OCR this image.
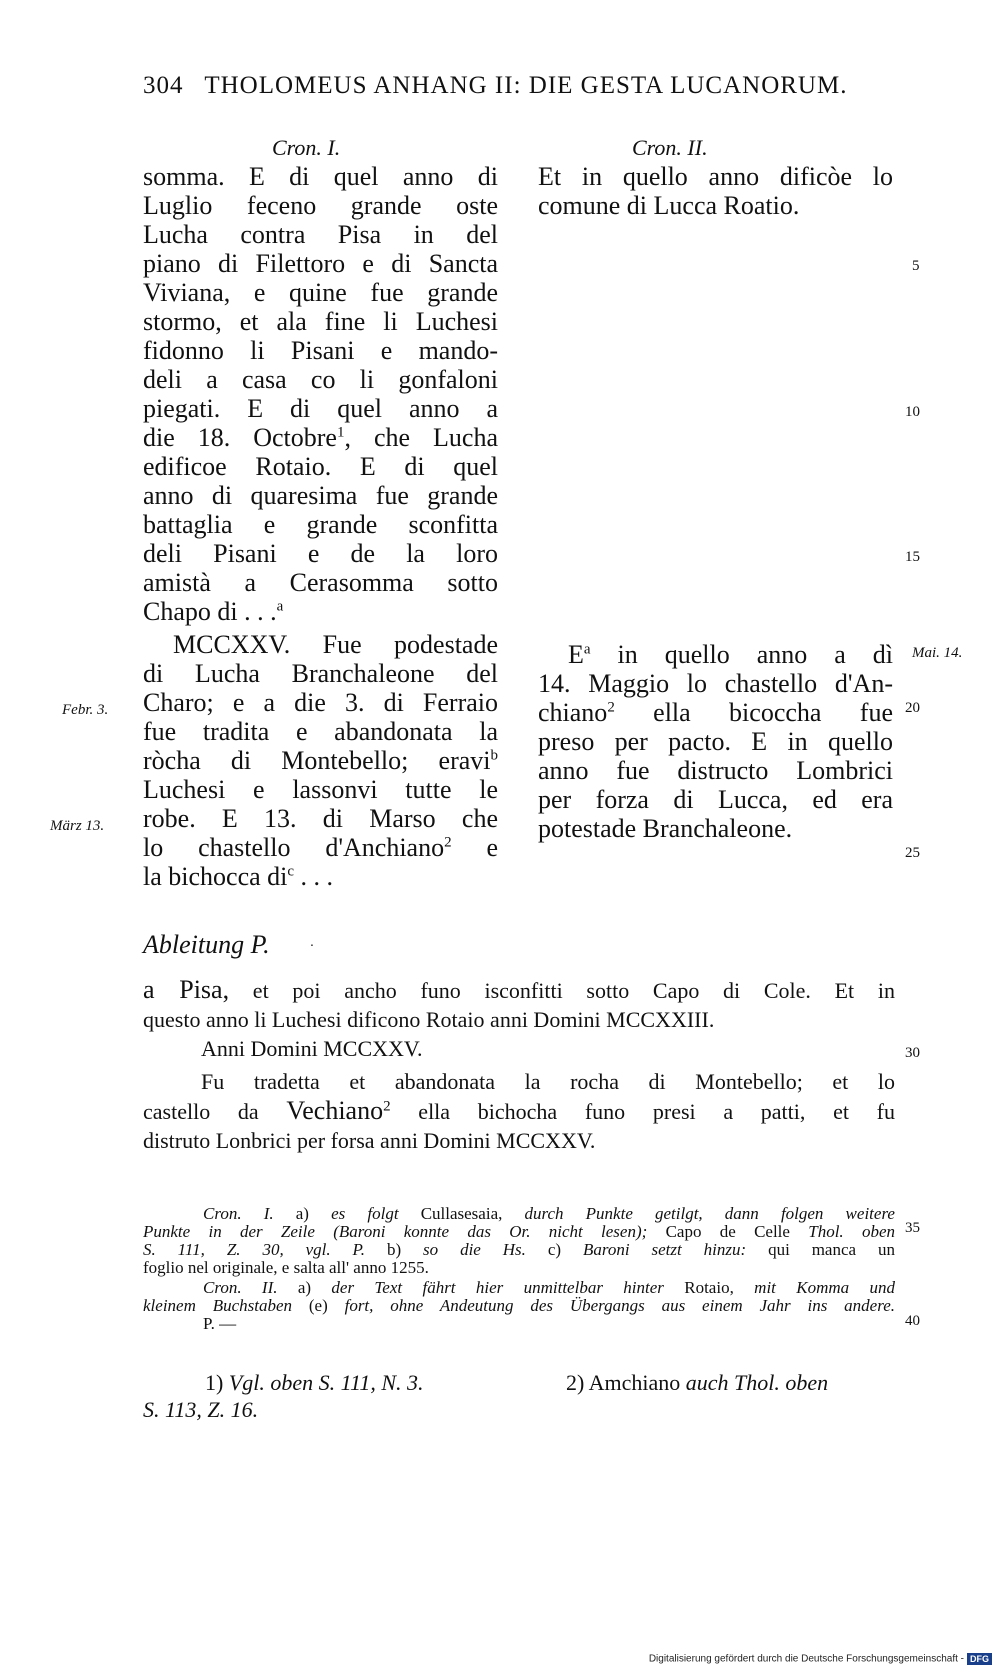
304 THOLOMEUS ANHANG II: DIE GESTA LUCANORUM.
Cron. I.	Cron. II.
somma. E di quel anno di
Luglio feceno grande oste
Lucha contra Pisa in del
piano di Filettoro e di Sancta
Viviana, e quine fue grande
stormo, et ala fine li Luchesi
fidonno li Pisani e mando-
deli a casa co li gonfaloni
piegati. E di quel anno a
die 18. Octobre$^1$, che Lucha
edificoe Rotaio. E di quel
anno di quaresima fue grande
battaglia e grande sconfitta
deli Pisani e de la loro
amistà a Cerasomma sotto
Chapo di . . .$^a$
MCCXXV. Fue podestade
di Lucha Branchaleone del
Charo; e a die 3. di Ferraio
fue tradita e abandonata la
ròcha di Montebello; eravi$^b$
Luchesi e lassonvi tutte le
robe. E 13. di Marso che
lo chastello d'Anchiano$^2$ e
la bichocca $di^c$ . . .
Et in quello anno dificòe lo
comune di Lucca Roatio.
$E^a$ in quello anno a dì
14. Maggio lo chastello d'An-
chiano$^2$ ella bicoccha fue
preso per pacto. E in quello
anno fue distructo Lombrici
per forza di Lucca, ed era
potestade Branchaleone.
5
10
15
20
25
30
35
40
Mai. 14.
Febr. 3.
März 13.
Ableitung P.	·
a Pisa, et poi ancho funo isconfitti sotto Capo di Cole. Et in
questo anno li Luchesi dificono Rotaio anni Domini MCCXXIII.
Anni Domini MCCXXV.
Fu tradetta et abandonata la rocha di Montebello; et lo
castello da Vechiano$^2$ ella bichocha funo presi a patti, et fu
distruto Lonbrici per forsa anni Domini MCCXXV.
Cron. I. a) es folgt Cullasesaia, durch Punkte getilgt, dann folgen weitere
Punkte in der Zeile (Baroni konnte das Or. nicht lesen); Capo de Celle Thol. oben
S. 111, Z. 30, vgl. P. b) so die Hs. c) Baroni setzt hinzu: qui manca un
foglio nel originale, e salta all' anno 1255.
Cron. II. a) der Text fährt hier unmittelbar hinter Rotaio, mit Komma und
kleinem Buchstaben (e) fort, ohne Andeutung des Übergangs aus einem Jahr ins andere.
P. —
1) Vgl. oben S. 111, N. 3.
S. 113, Z. 16.
2) Amchiano auch Thol. oben
Digitalisierung gefördert durch die Deutsche Forschungsgemeinschaft - DFG
